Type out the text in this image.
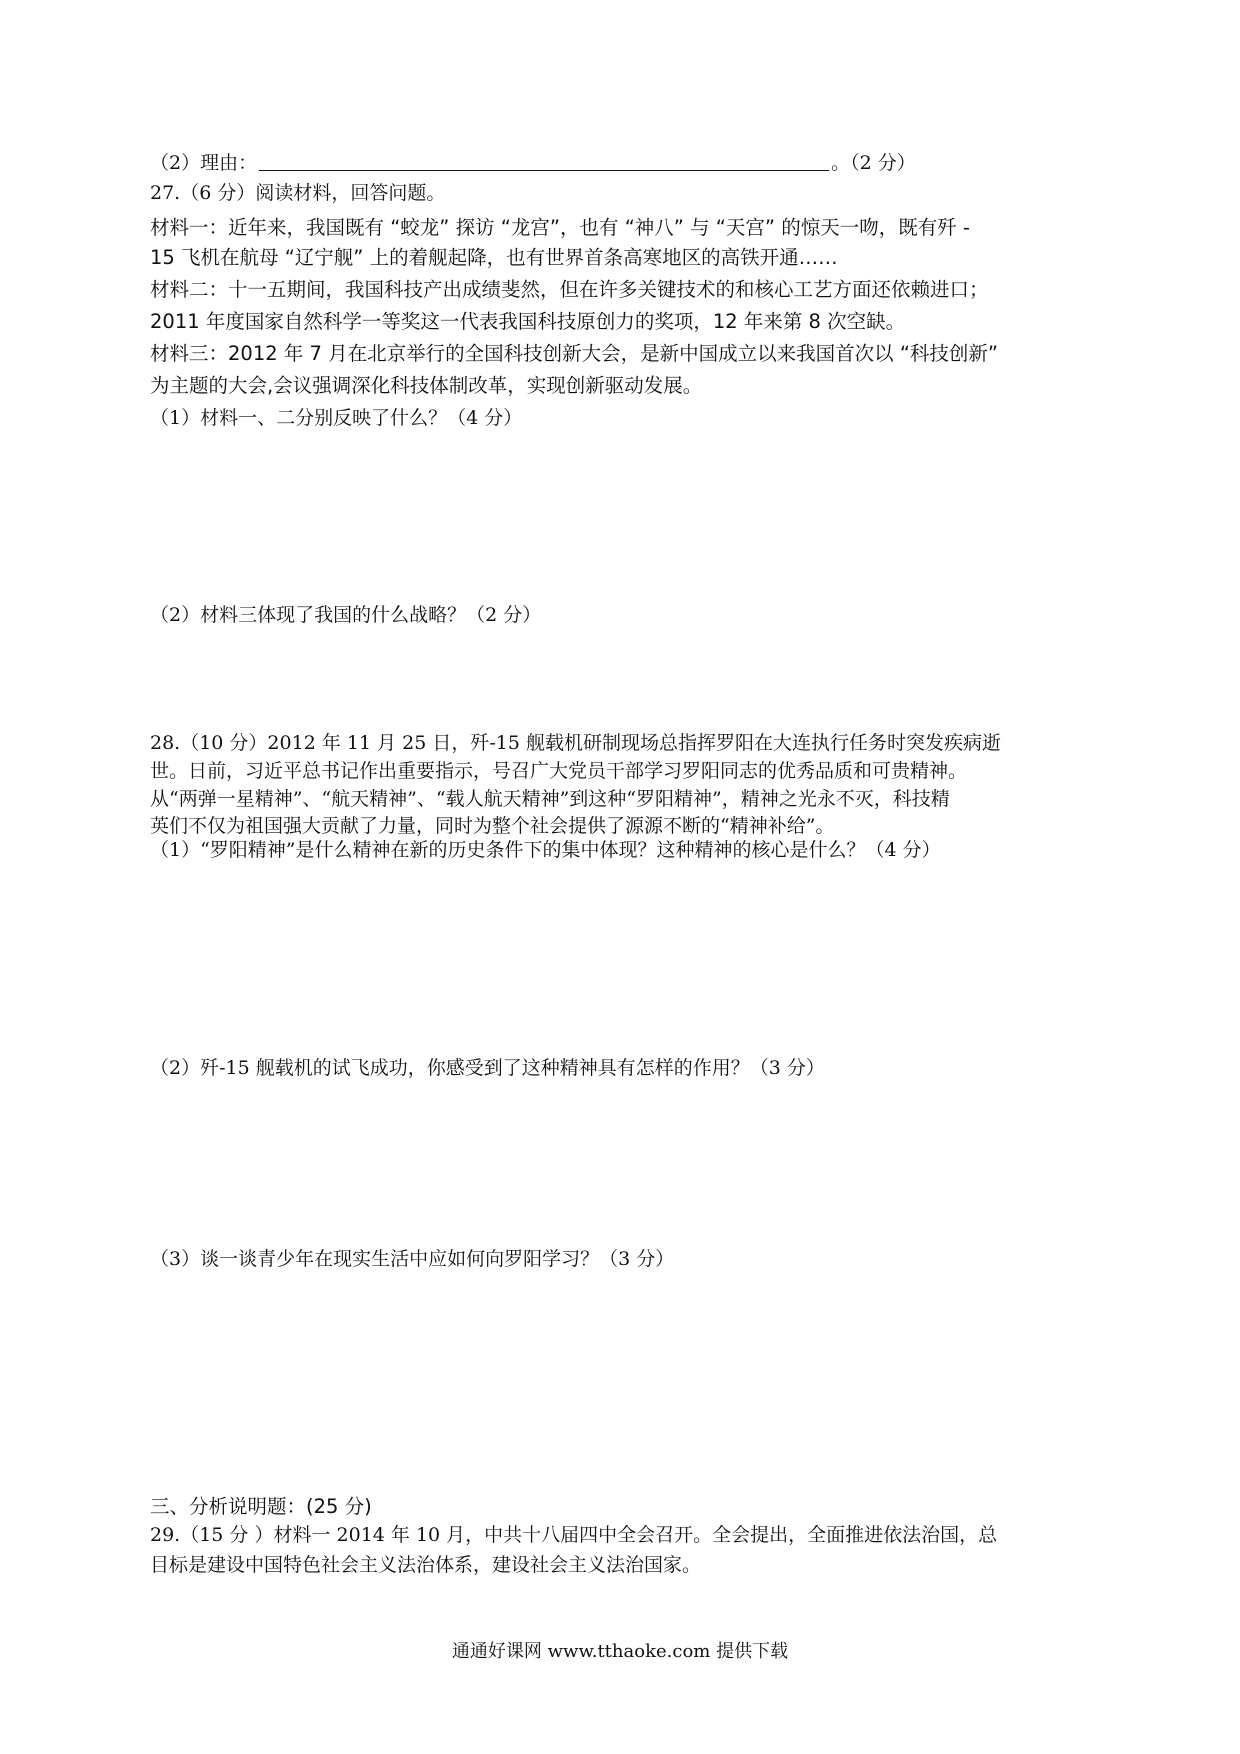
（2）理由：	。（2 分）
27.（6 分）阅读材料，回答问题。
材料一：近年来，我国既有 “蛟龙” 探访 “龙宫”，也有 “神八” 与 “天宫” 的惊天一吻，既有歼 -
15 飞机在航母 “辽宁舰” 上的着舰起降，也有世界首条高寒地区的高铁开通……
材料二：十一五期间，我国科技产出成绩斐然，但在许多关键技术的和核心工艺方面还依赖进口；
2011 年度国家自然科学一等奖这一代表我国科技原创力的奖项，12 年来第 8 次空缺。
材料三：2012 年 7 月在北京举行的全国科技创新大会，是新中国成立以来我国首次以 “科技创新”
为主题的大会,会议强调深化科技体制改革，实现创新驱动发展。
（1）材料一、二分别反映了什么？（4 分）
（2）材料三体现了我国的什么战略？（2 分）
28.（10 分）2012 年 11 月 25 日，歼-15 舰载机研制现场总指挥罗阳在大连执行任务时突发疾病逝
世。日前，习近平总书记作出重要指示，号召广大党员干部学习罗阳同志的优秀品质和可贵精神。
从“两弹一星精神”、“航天精神”、“载人航天精神”到这种“罗阳精神”，精神之光永不灭，科技精
英们不仅为祖国强大贡献了力量，同时为整个社会提供了源源不断的“精神补给”。
（1）“罗阳精神”是什么精神在新的历史条件下的集中体现？这种精神的核心是什么？（4 分）
（2）歼-15 舰载机的试飞成功，你感受到了这种精神具有怎样的作用？（3 分）
（3）谈一谈青少年在现实生活中应如何向罗阳学习？（3 分）
三、分析说明题：(25 分)
29.（15 分 ）材料一 2014 年 10 月，中共十八届四中全会召开。全会提出，全面推进依法治国，总
目标是建设中国特色社会主义法治体系，建设社会主义法治国家。
通通好课网 www.tthaoke.com 提供下载
